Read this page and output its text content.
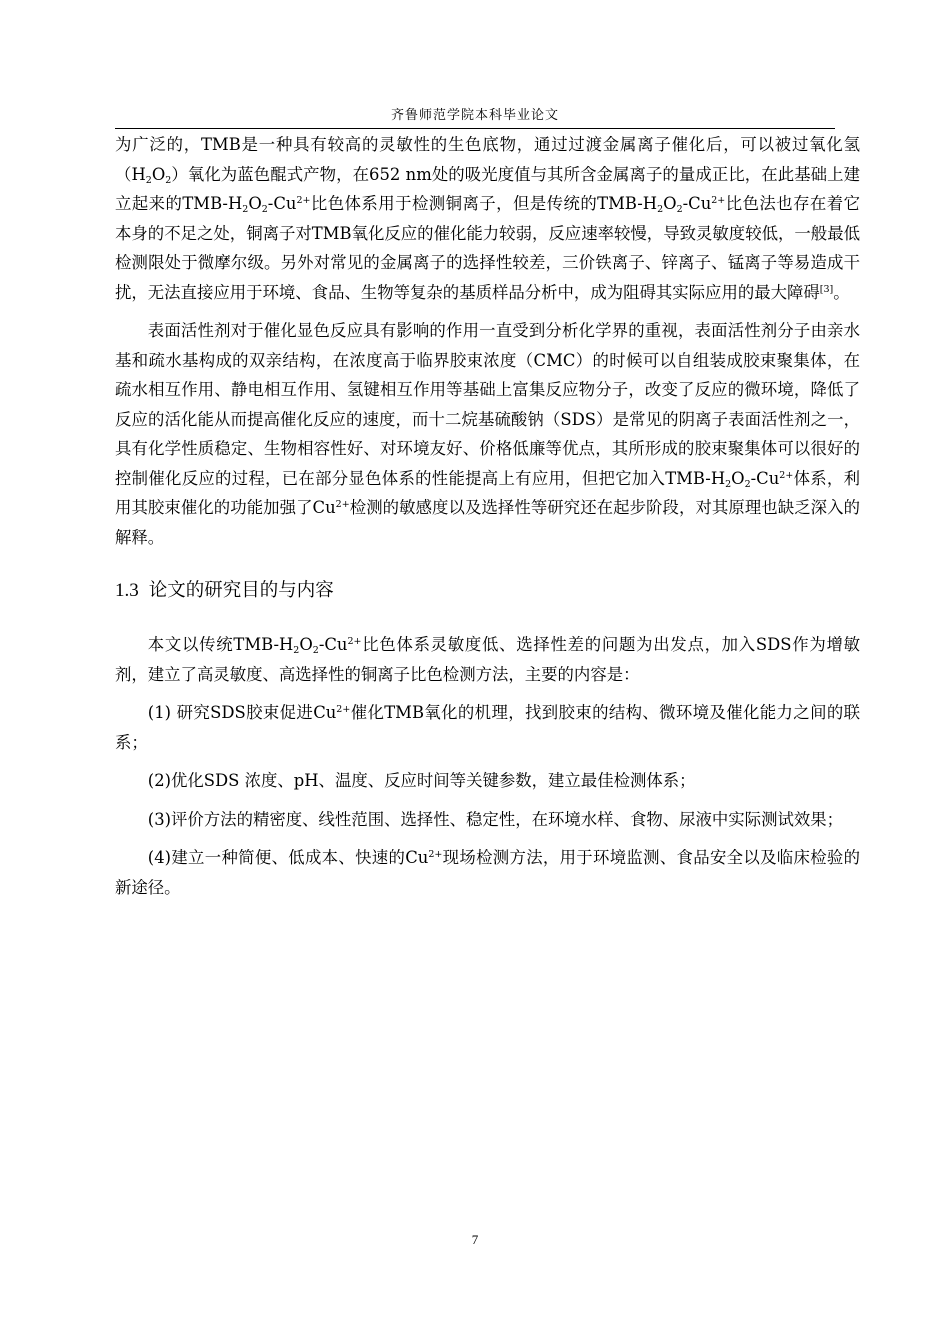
齐鲁师范学院本科毕业论文

为广泛的，TMB是一种具有较高的灵敏性的生色底物，通过过渡金属离子催化后，可以被过氧化氢$(H_2O_2)$氧化为蓝色醌式产物，在652 nm处的吸光度值与其所含金属离子的量成正比，在此基础上建立起来的TMB-$H_2O_2-Cu^{2+}$比色体系用于检测铜离子，但是传统的TMB-$H_2O_2-Cu^{2+}$比色法也存在着它本身的不足之处，铜离子对TMB氧化反应的催化能力较弱，反应速率较慢，导致灵敏度较低，一般最低检测限处于微摩尔级。另外对常见的金属离子的选择性较差，三价铁离子、锌离子、锰离子等易造成干扰，无法直接应用于环境、食品、生物等复杂的基质样品分析中，成为阻碍其实际应用的最大障碍[3]。

表面活性剂对于催化显色反应具有影响的作用一直受到分析化学界的重视，表面活性剂分子由亲水基和疏水基构成的双亲结构，在浓度高于临界胶束浓度（CMC）的时候可以自组装成胶束聚集体，在疏水相互作用、静电相互作用、氢键相互作用等基础上富集反应物分子，改变了反应的微环境，降低了反应的活化能从而提高催化反应的速度，而十二烷基硫酸钠（SDS）是常见的阴离子表面活性剂之一，具有化学性质稳定、生物相容性好、对环境友好、价格低廉等优点，其所形成的胶束聚集体可以很好的控制催化反应的过程，已在部分显色体系的性能提高上有应用，但把它加入TMB-$H_2O_2-Cu^{2+}$体系，利用其胶束催化的功能加强了$Cu^{2+}$检测的敏感度以及选择性等研究还在起步阶段，对其原理也缺乏深入的解释。

1.3 论文的研究目的与内容

本文以传统TMB-$H_2O_2-Cu^{2+}$比色体系灵敏度低、选择性差的问题为出发点，加入SDS作为增敏剂，建立了高灵敏度、高选择性的铜离子比色检测方法，主要的内容是：

(1) 研究SDS胶束促进$Cu^{2+}$催化TMB氧化的机理，找到胶束的结构、微环境及催化能力之间的联系；

(2)优化SDS 浓度、pH、温度、反应时间等关键参数，建立最佳检测体系；

(3)评价方法的精密度、线性范围、选择性、稳定性，在环境水样、食物、尿液中实际测试效果；

(4)建立一种简便、低成本、快速的$Cu^{2+}$现场检测方法，用于环境监测、食品安全以及临床检验的新途径。

7
